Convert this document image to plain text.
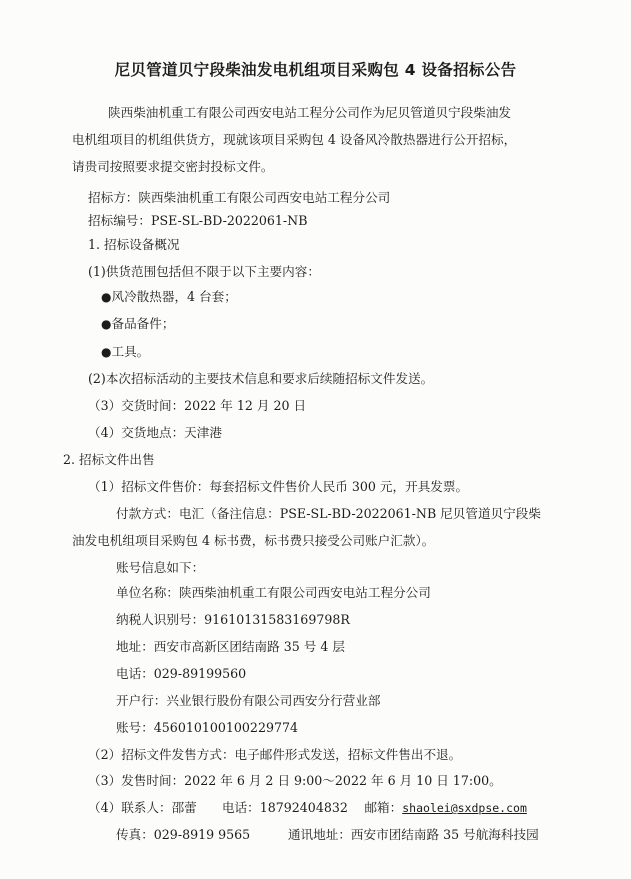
尼贝管道贝宁段柴油发电机组项目采购包 4 设备招标公告
陕西柴油机重工有限公司西安电站工程分公司作为尼贝管道贝宁段柴油发
电机组项目的机组供货方，现就该项目采购包 4 设备风冷散热器进行公开招标，
请贵司按照要求提交密封投标文件。
招标方：陕西柴油机重工有限公司西安电站工程分公司
招标编号：PSE-SL-BD-2022061-NB
1. 招标设备概况
(1)供货范围包括但不限于以下主要内容：
●风冷散热器，4 台套；
●备品备件；
●工具。
(2)本次招标活动的主要技术信息和要求后续随招标文件发送。
（3）交货时间：2022 年 12 月 20 日
（4）交货地点：天津港
2. 招标文件出售
（1）招标文件售价：每套招标文件售价人民币 300 元，开具发票。
付款方式：电汇（备注信息：PSE-SL-BD-2022061-NB 尼贝管道贝宁段柴
油发电机组项目采购包 4 标书费，标书费只接受公司账户汇款）。
账号信息如下：
单位名称：陕西柴油机重工有限公司西安电站工程分公司
纳税人识别号：91610131583169798R
地址：西安市高新区团结南路 35 号 4 层
电话：029-89199560
开户行：兴业银行股份有限公司西安分行营业部
账号：456010100100229774
（2）招标文件发售方式：电子邮件形式发送，招标文件售出不退。
（3）发售时间：2022 年 6 月 2 日 9:00～2022 年 6 月 10 日 17:00。
（4）联系人：邵蕾　　电话：18792404832　 邮箱：shaolei@sxdpse.com
传真：029-8919 9565　　　通讯地址：西安市团结南路 35 号航海科技园
